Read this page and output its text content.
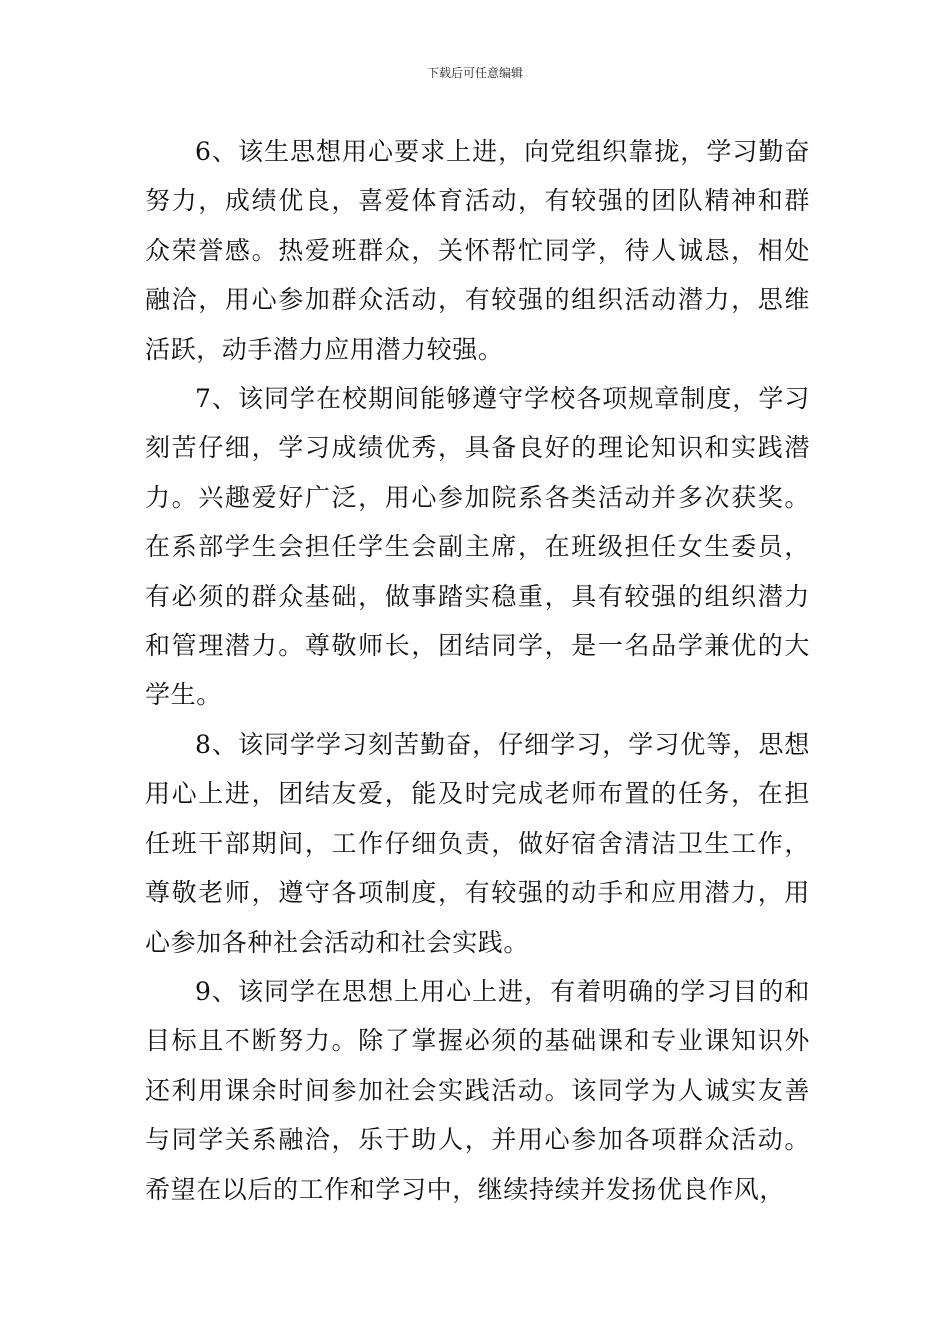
下载后可任意编辑

6、该生思想用心要求上进，向党组织靠拢，学习勤奋努力，成绩优良，喜爱体育活动，有较强的团队精神和群众荣誉感。热爱班群众，关怀帮忙同学，待人诚恳，相处融洽，用心参加群众活动，有较强的组织活动潜力，思维活跃，动手潜力应用潜力较强。

7、该同学在校期间能够遵守学校各项规章制度，学习刻苦仔细，学习成绩优秀，具备良好的理论知识和实践潜力。兴趣爱好广泛，用心参加院系各类活动并多次获奖。在系部学生会担任学生会副主席，在班级担任女生委员，有必须的群众基础，做事踏实稳重，具有较强的组织潜力和管理潜力。尊敬师长，团结同学，是一名品学兼优的大学生。

8、该同学学习刻苦勤奋，仔细学习，学习优等，思想用心上进，团结友爱，能及时完成老师布置的任务，在担任班干部期间，工作仔细负责，做好宿舍清洁卫生工作，尊敬老师，遵守各项制度，有较强的动手和应用潜力，用心参加各种社会活动和社会实践。

9、该同学在思想上用心上进，有着明确的学习目的和目标且不断努力。除了掌握必须的基础课和专业课知识外还利用课余时间参加社会实践活动。该同学为人诚实友善与同学关系融洽，乐于助人，并用心参加各项群众活动。希望在以后的工作和学习中，继续持续并发扬优良作风，
